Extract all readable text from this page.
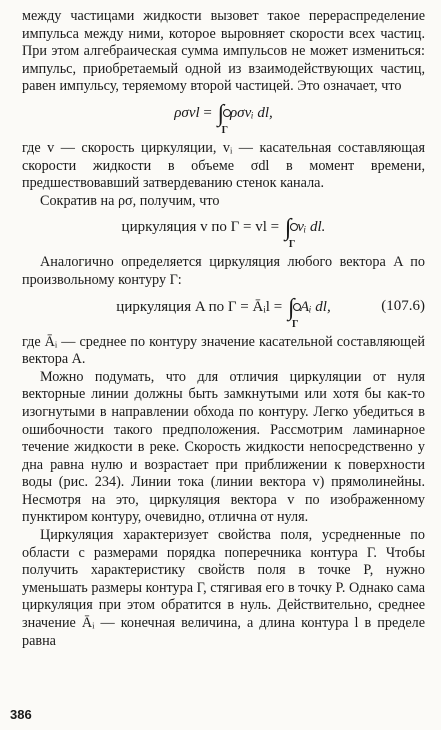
между частицами жидкости вызовет такое перераспределение импульса между ними, которое выровняет скорости всех частиц. При этом алгебраическая сумма импульсов не может измениться: импульс, приобретаемый одной из взаимодействующих частиц, равен импульсу, теряемому второй частицей. Это означает, что

ρσvl = ∫
Γ
ρσvᵢ dl,

где v — скорость циркуляции, vᵢ — касательная составляющая скорости жидкости в объеме σdl в момент времени, предшествовавший затвердеванию стенок канала.

Сократив на ρσ, получим, что

циркуляция v по Γ = vl = ∫
Γ
vᵢ dl.

Аналогично определяется циркуляция любого вектора A по произвольному контуру Γ:

циркуляция A по Γ = Āᵢl = ∫
Γ
Aᵢ dl,	(107.6)

где Āᵢ — среднее по контуру значение касательной составляющей вектора A.

Можно подумать, что для отличия циркуляции от нуля векторные линии должны быть замкнутыми или хотя бы как-то изогнутыми в направлении обхода по контуру. Легко убедиться в ошибочности такого предположения. Рассмотрим ламинарное течение жидкости в реке. Скорость жидкости непосредственно у дна равна нулю и возрастает при приближении к поверхности воды (рис. 234). Линии тока (линии вектора v) прямолинейны. Несмотря на это, циркуляция вектора v по изображенному пунктиром контуру, очевидно, отлична от нуля.

Циркуляция характеризует свойства поля, усредненные по области с размерами порядка поперечника контура Γ. Чтобы получить характеристику свойств поля в точке P, нужно уменьшать размеры контура Γ, стягивая его в точку P. Однако сама циркуляция при этом обратится в нуль. Действительно, среднее значение Āᵢ — конечная величина, а длина контура l в пределе равна

386
